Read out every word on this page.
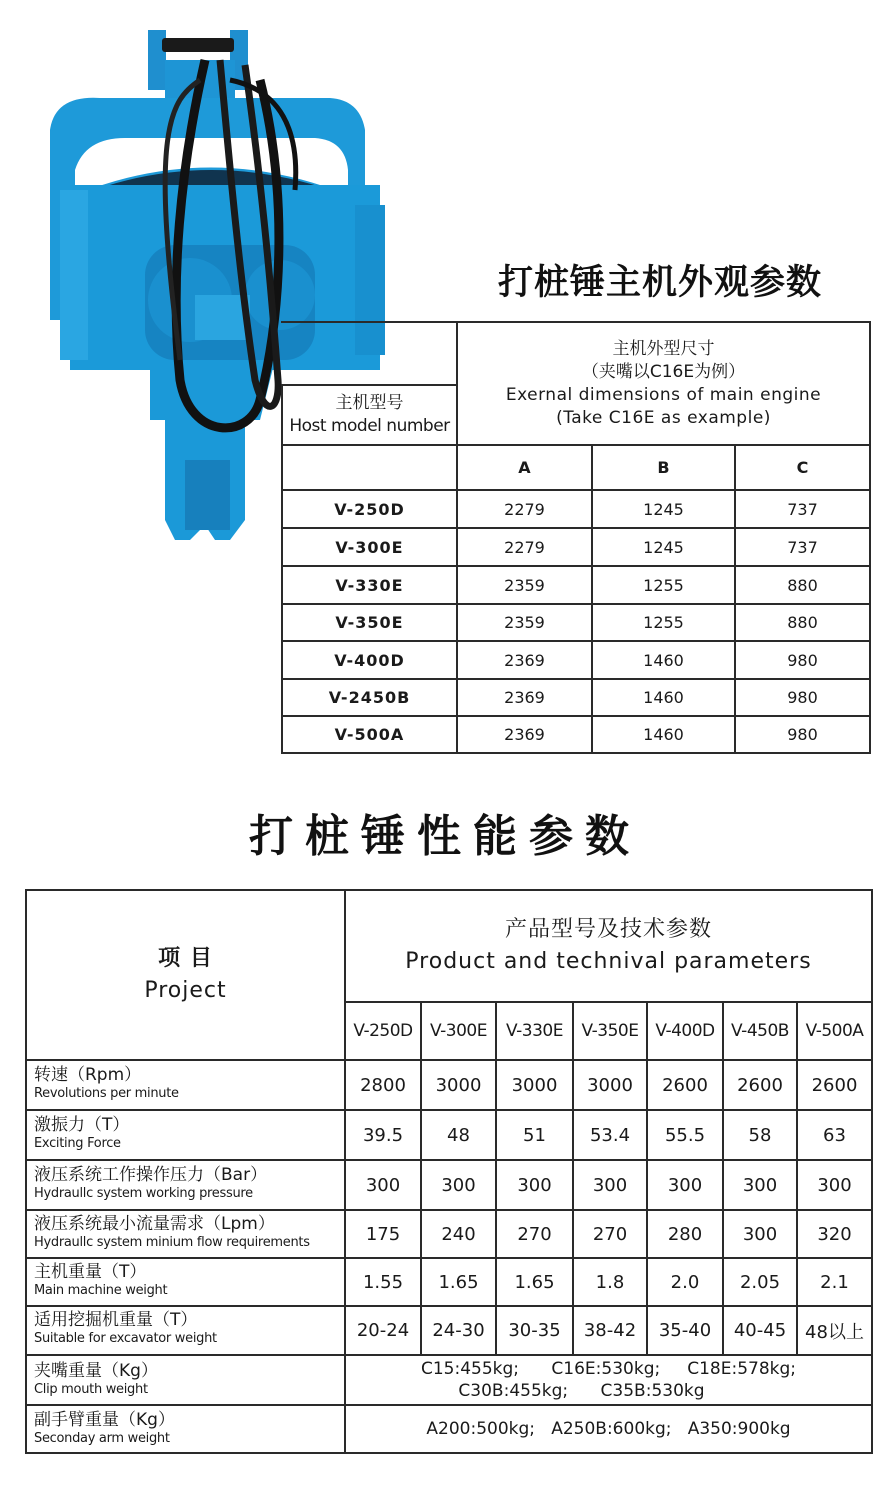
打桩锤主机外观参数
主机型号
Host model number
主机外型尺寸
（夹嘴以C16E为例）
Exernal dimensions of main engine
(Take C16E as example)
A	B	C
V-250D	2279	1245	737
V-300E	2279	1245	737
V-330E	2359	1255	880
V-350E	2359	1255	880
V-400D	2369	1460	980
V-2450B	2369	1460	980
V-500A	2369	1460	980
打桩锤性能参数
项 目
Project
产品型号及技术参数
Product and technival parameters
V-250D	V-300E	V-330E	V-350E V-400D V-450B V-500A
转速（Rpm）
Revolutions per minute	2800	3000	3000	3000	2600	2600	2600
激振力（T）
Exciting Force	39.5	48	51	53.4	55.5	58	63
液压系统工作操作压力（Bar）
Hydraullc system working pressure	300	300	300	300	300	300	300
液压系统最小流量需求（Lpm）
Hydraullc system minium flow requirements	175	240	270	270	280	300	320
主机重量（T）
Main machine weight	1.55	1.65	1.65	1.8	2.0	2.05	2.1
适用挖掘机重量（T）
Suitable for excavator weight	20-24	24-30	30-35	38-42	35-40	40-45	48以上
夹嘴重量（Kg）
Clip mouth weight
C15:455kg;      C16E:530kg;     C18E:578kg;
C30B:455kg;      C35B:530kg
副手臂重量（Kg）
Seconday arm weight	A200:500kg;   A250B:600kg;   A350:900kg
